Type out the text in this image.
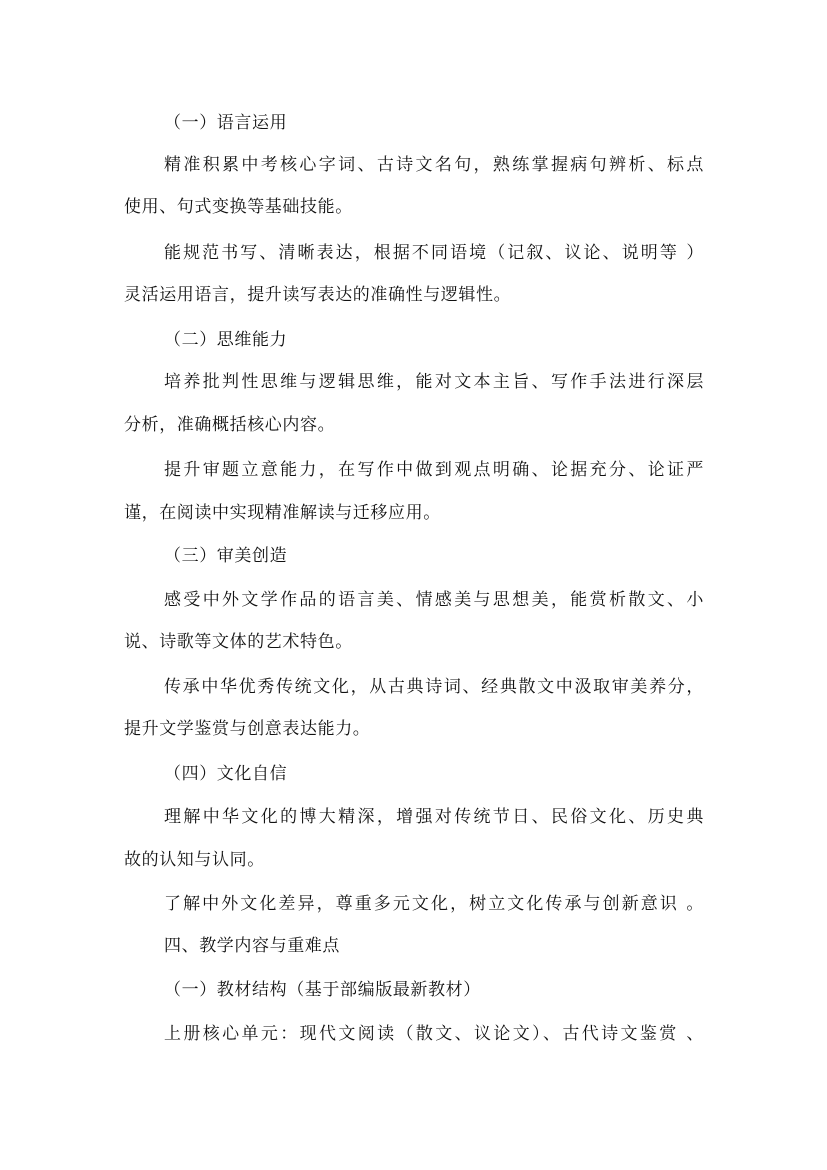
（一）语言运用
精准积累中考核心字词、古诗文名句，熟练掌握病句辨析、标点
使用、句式变换等基础技能。
能规范书写、清晰表达，根据不同语境（记叙、议论、说明等 ）
灵活运用语言，提升读写表达的准确性与逻辑性。
（二）思维能力
培养批判性思维与逻辑思维，能对文本主旨、写作手法进行深层
分析，准确概括核心内容。
提升审题立意能力，在写作中做到观点明确、论据充分、论证严
谨，在阅读中实现精准解读与迁移应用。
（三）审美创造
感受中外文学作品的语言美、情感美与思想美，能赏析散文、小
说、诗歌等文体的艺术特色。
传承中华优秀传统文化，从古典诗词、经典散文中汲取审美养分，
提升文学鉴赏与创意表达能力。
（四）文化自信
理解中华文化的博大精深，增强对传统节日、民俗文化、历史典
故的认知与认同。
了解中外文化差异，尊重多元文化，树立文化传承与创新意识 。
四、教学内容与重难点
（一）教材结构（基于部编版最新教材）
上册核心单元：现代文阅读（散文、议论文）、古代诗文鉴赏 、
